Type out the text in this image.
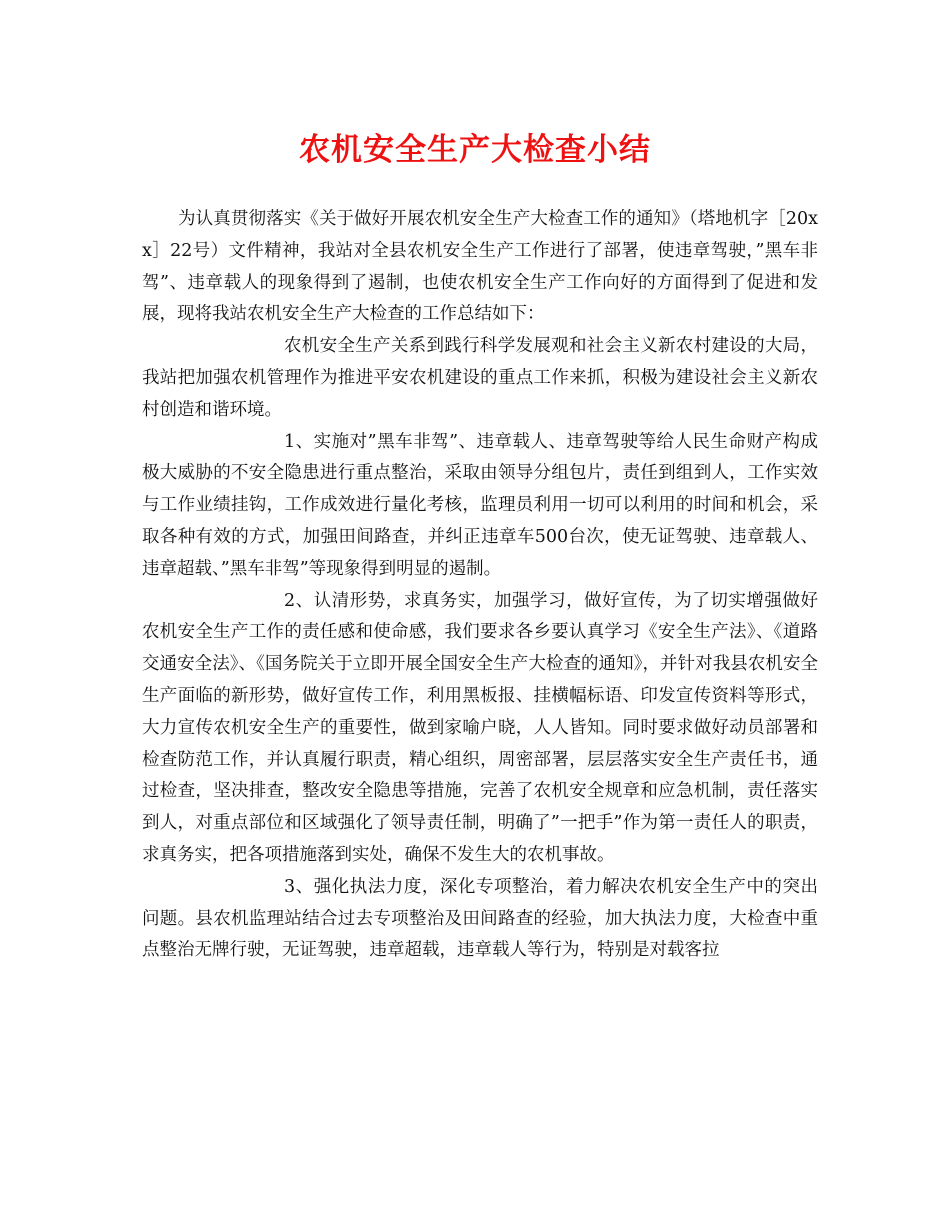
农机安全生产大检查小结

为认真贯彻落实《关于做好开展农机安全生产大检查工作的通知》（塔地机字［20xx］22号）文件精神，我站对全县农机安全生产工作进行了部署，使违章驾驶，”黑车非驾”、违章载人的现象得到了遏制，也使农机安全生产工作向好的方面得到了促进和发展，现将我站农机安全生产大检查的工作总结如下：

农机安全生产关系到践行科学发展观和社会主义新农村建设的大局，我站把加强农机管理作为推进平安农机建设的重点工作来抓，积极为建设社会主义新农村创造和谐环境。

1、实施对”黑车非驾”、违章载人、违章驾驶等给人民生命财产构成极大威胁的不安全隐患进行重点整治，采取由领导分组包片，责任到组到人，工作实效与工作业绩挂钩，工作成效进行量化考核，监理员利用一切可以利用的时间和机会，采取各种有效的方式，加强田间路查，并纠正违章车500台次，使无证驾驶、违章载人、违章超载、”黑车非驾”等现象得到明显的遏制。

2、认清形势，求真务实，加强学习，做好宣传，为了切实增强做好农机安全生产工作的责任感和使命感，我们要求各乡要认真学习《安全生产法》、《道路交通安全法》、《国务院关于立即开展全国安全生产大检查的通知》，并针对我县农机安全生产面临的新形势，做好宣传工作，利用黑板报、挂横幅标语、印发宣传资料等形式，大力宣传农机安全生产的重要性，做到家喻户晓，人人皆知。同时要求做好动员部署和检查防范工作，并认真履行职责，精心组织，周密部署，层层落实安全生产责任书，通过检查，坚决排查，整改安全隐患等措施，完善了农机安全规章和应急机制，责任落实到人，对重点部位和区域强化了领导责任制，明确了”一把手”作为第一责任人的职责，求真务实，把各项措施落到实处，确保不发生大的农机事故。

3、强化执法力度，深化专项整治，着力解决农机安全生产中的突出问题。县农机监理站结合过去专项整治及田间路查的经验，加大执法力度，大检查中重点整治无牌行驶，无证驾驶，违章超载，违章载人等行为，特别是对载客拉
